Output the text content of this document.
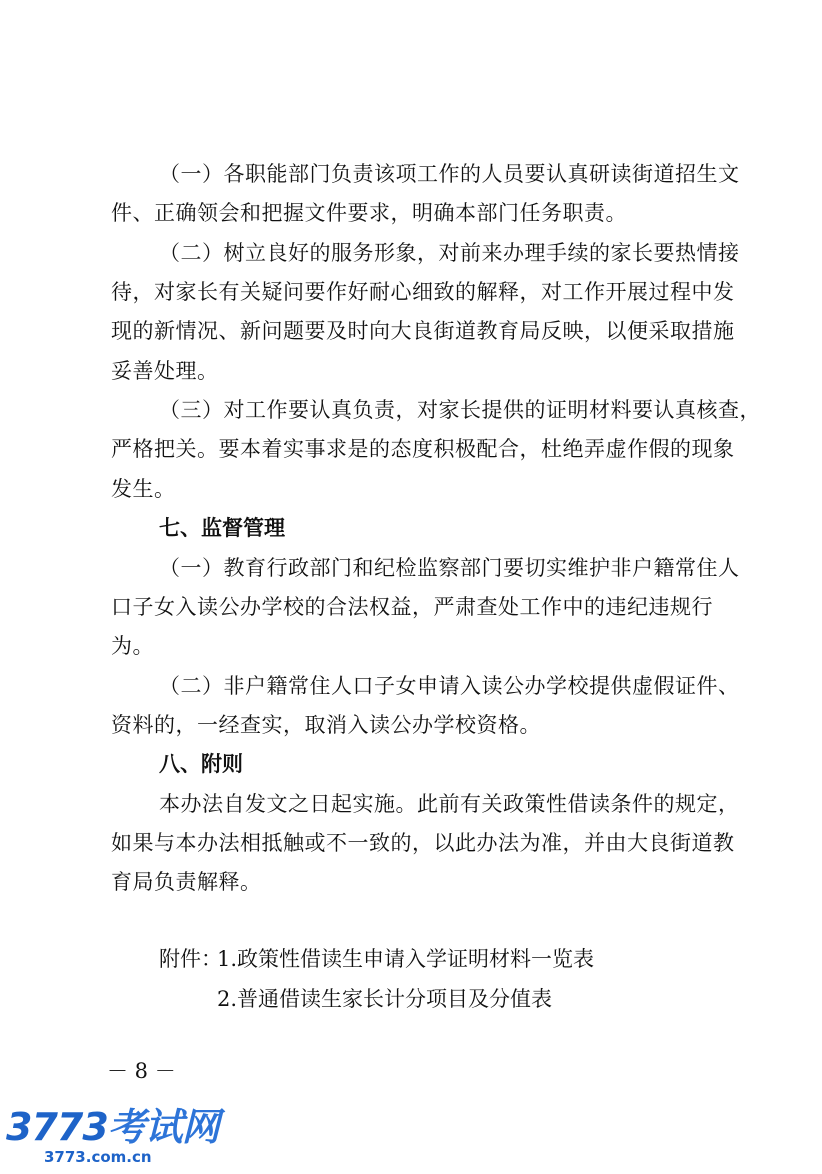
（一）各职能部门负责该项工作的人员要认真研读街道招生文
件、正确领会和把握文件要求，明确本部门任务职责。
（二）树立良好的服务形象，对前来办理手续的家长要热情接
待，对家长有关疑问要作好耐心细致的解释，对工作开展过程中发
现的新情况、新问题要及时向大良街道教育局反映，以便采取措施
妥善处理。
（三）对工作要认真负责，对家长提供的证明材料要认真核查，
严格把关。要本着实事求是的态度积极配合，杜绝弄虚作假的现象
发生。
七、监督管理
（一）教育行政部门和纪检监察部门要切实维护非户籍常住人
口子女入读公办学校的合法权益，严肃查处工作中的违纪违规行
为。
（二）非户籍常住人口子女申请入读公办学校提供虚假证件、
资料的，一经查实，取消入读公办学校资格。
八、附则
本办法自发文之日起实施。此前有关政策性借读条件的规定，
如果与本办法相抵触或不一致的，以此办法为准，并由大良街道教
育局负责解释。
附件：
1.政策性借读生申请入学证明材料一览表
2.普通借读生家长计分项目及分值表
－ 8 －
3773考试网
3773.com.cn
